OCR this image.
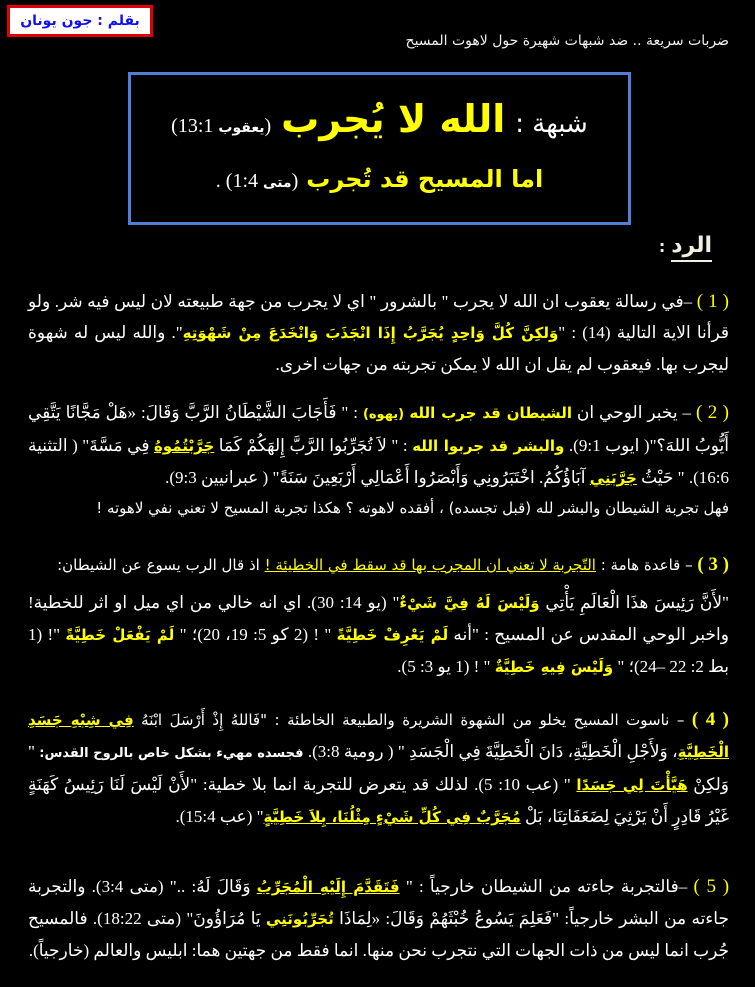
بقلم : جون يونان
ضربات سريعة .. ضد شبهات شهيرة حول لاهوت المسيح
شبهة :
الله لا يُجرب
(يعقوب 13:1)
اما المسيح قد تُجرب
(متى 1:4) .
الرد:
( 1 ) –في رسالة يعقوب ان الله لا يجرب " بالشرور " اي لا يجرب من جهة طبيعته لان ليس فيه شر. ولو قرأنا الاية التالية (14) : "وَلكِنَّ كُلَّ وَاحِدٍ يُجَرَّبُ إِذَا انْجَذَبَ وَانْخَدَعَ مِنْ شَهْوَتِهِ". والله ليس له شهوة ليجرب بها. فيعقوب لم يقل ان الله لا يمكن تجربته من جهات اخرى.
( 2 ) – يخبر الوحي ان الشيطان قد جرب الله (يهوه) : " فَأَجَابَ الشَّيْطَانُ الرَّبَّ وَقَالَ: «هَلْ مَجَّانًا يَتَّقِي أَيُّوبُ اللهَ؟"( ايوب 9:1). والبشر قد جربوا الله : " لاَ تُجَرِّبُوا الرَّبَّ إِلهَكُمْ كَمَا جَرَّبْتُمُوهُ فِي مَسَّةَ" ( التثنية 16:6). " حَيْثُ جَرَّبَنِي آبَاؤُكُمُ. اخْتَبَرُونِي وَأَبْصَرُوا أَعْمَالِي أَرْبَعِينَ سَنَةً" ( عبرانيين 9:3).
فهل تجربة الشيطان والبشر لله (قبل تجسده) ، أفقده لاهوته ؟ هكذا تجربة المسيح لا تعني نفي لاهوته !
( 3 ) – قاعدة هامة : التّجربة لا تعني ان المجرب بها قد سقط في الخطيئة ! اذ قال الرب يسوع عن الشيطان:
"لأَنَّ رَئِيسَ هذَا الْعَالَمِ يَأْتِي وَلَيْسَ لَهُ فِيَّ شَيْءٌ" (يو 14: 30). اي انه خالي من اي ميل او اثر للخطية! واخبر الوحي المقدس عن المسيح : "أنه لَمْ يَعْرِفْ خَطِيَّةً " ! (2 كو 5: 19، 20)؛ " لَمْ يَفْعَلْ خَطِيَّةً "! (1 بط 2: 22 –24)؛ " وَلَيْسَ فِيهِ خَطِيَّةٌ " ! (1 يو 3: 5).
( 4 ) – ناسوت المسيح يخلو من الشهوة الشريرة والطبيعة الخاطئة : "فَاللهُ إِذْ أَرْسَلَ ابْنَهُ فِي شِبْهِ جَسَدِ الْخَطِيَّةِ، وَلأَجْلِ الْخَطِيَّةِ، دَانَ الْخَطِيَّةَ فِي الْجَسَدِ " ( رومية 3:8). فجسده مهيء بشكل خاص بالروح القدس: " وَلكِنْ هَيَّأْتَ لِي جَسَدًا " (عب 10: 5). لذلك قد يتعرض للتجربة انما بلا خطية: "لأَنْ لَيْسَ لَنَا رَئِيسُ كَهَنَةٍ غَيْرُ قَادِرٍ أَنْ يَرْثِيَ لِضَعَفَاتِنَا، بَلْ مُجَرَّبٌ فِي كُلِّ شَيْءٍ مِثْلُنَا، بِلاَ خَطِيَّةٍ" (عب 15:4).
( 5 ) –فالتجربة جاءته من الشيطان خارجياً : " فَتَقَدَّمَ إِلَيْهِ الْمُجَرِّبُ وَقَالَ لَهُ: .." (متى 3:4). والتجربة جاءته من البشر خارجياً: "فَعَلِمَ يَسُوعُ خُبْثَهُمْ وَقَالَ: «لِمَاذَا تُجَرِّبُونَنِي يَا مُرَاؤُونَ" (متى 18:22). فالمسيح جُرب انما ليس من ذات الجهات التي نتجرب نحن منها. انما فقط من جهتين هما: ابليس والعالم (خارجياً).
